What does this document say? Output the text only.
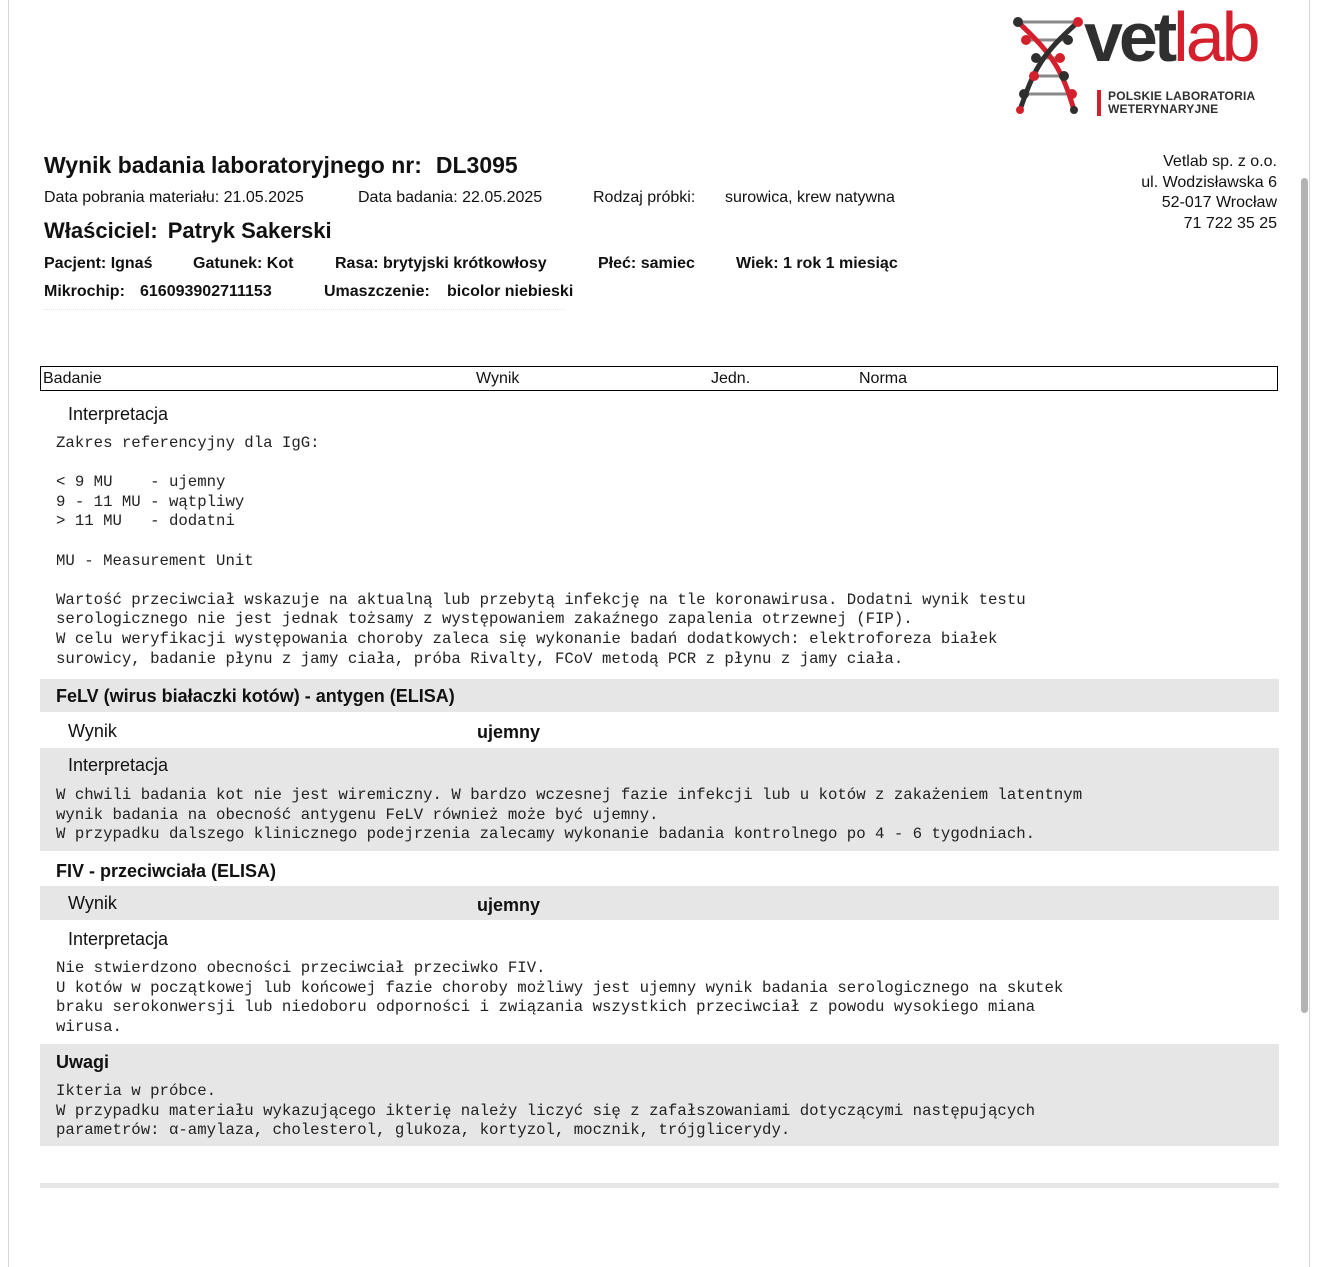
vetlab
POLSKIE LABORATORIA
WETERYNARYJNE
Wynik badania laboratoryjnego nr: DL3095
Data pobrania materiału: 21.05.2025	Data badania: 22.05.2025	Rodzaj próbki: surowica, krew natywna
Właściciel: Patryk Sakerski
Pacjent: Ignaś	Gatunek: Kot	Rasa: brytyjski krótkowłosy	Płeć: samiec	Wiek: 1 rok 1 miesiąc
Mikrochip: 616093902711153	Umaszczenie: bicolor niebieski
Vetlab sp. z o.o.
ul. Wodzisławska 6
52-017 Wrocław
71 722 35 25
Badanie	Wynik	Jedn.	Norma
Interpretacja
Zakres referencyjny dla IgG:

< 9 MU    - ujemny
9 - 11 MU - wątpliwy
> 11 MU   - dodatni

MU - Measurement Unit

Wartość przeciwciał wskazuje na aktualną lub przebytą infekcję na tle koronawirusa. Dodatni wynik testu
serologicznego nie jest jednak tożsamy z występowaniem zakaźnego zapalenia otrzewnej (FIP).
W celu weryfikacji występowania choroby zaleca się wykonanie badań dodatkowych: elektroforeza białek
surowicy, badanie płynu z jamy ciała, próba Rivalty, FCoV metodą PCR z płynu z jamy ciała.
FeLV (wirus białaczki kotów) - antygen (ELISA)
Wynik	ujemny
Interpretacja
W chwili badania kot nie jest wiremiczny. W bardzo wczesnej fazie infekcji lub u kotów z zakażeniem latentnym
wynik badania na obecność antygenu FeLV również może być ujemny.
W przypadku dalszego klinicznego podejrzenia zalecamy wykonanie badania kontrolnego po 4 - 6 tygodniach.
FIV - przeciwciała (ELISA)
Wynik	ujemny
Interpretacja
Nie stwierdzono obecności przeciwciał przeciwko FIV.
U kotów w początkowej lub końcowej fazie choroby możliwy jest ujemny wynik badania serologicznego na skutek
braku serokonwersji lub niedoboru odporności i związania wszystkich przeciwciał z powodu wysokiego miana
wirusa.
Uwagi
Ikteria w próbce.
W przypadku materiału wykazującego ikterię należy liczyć się z zafałszowaniami dotyczącymi następujących
parametrów: α-amylaza, cholesterol, glukoza, kortyzol, mocznik, trójglicerydy.
